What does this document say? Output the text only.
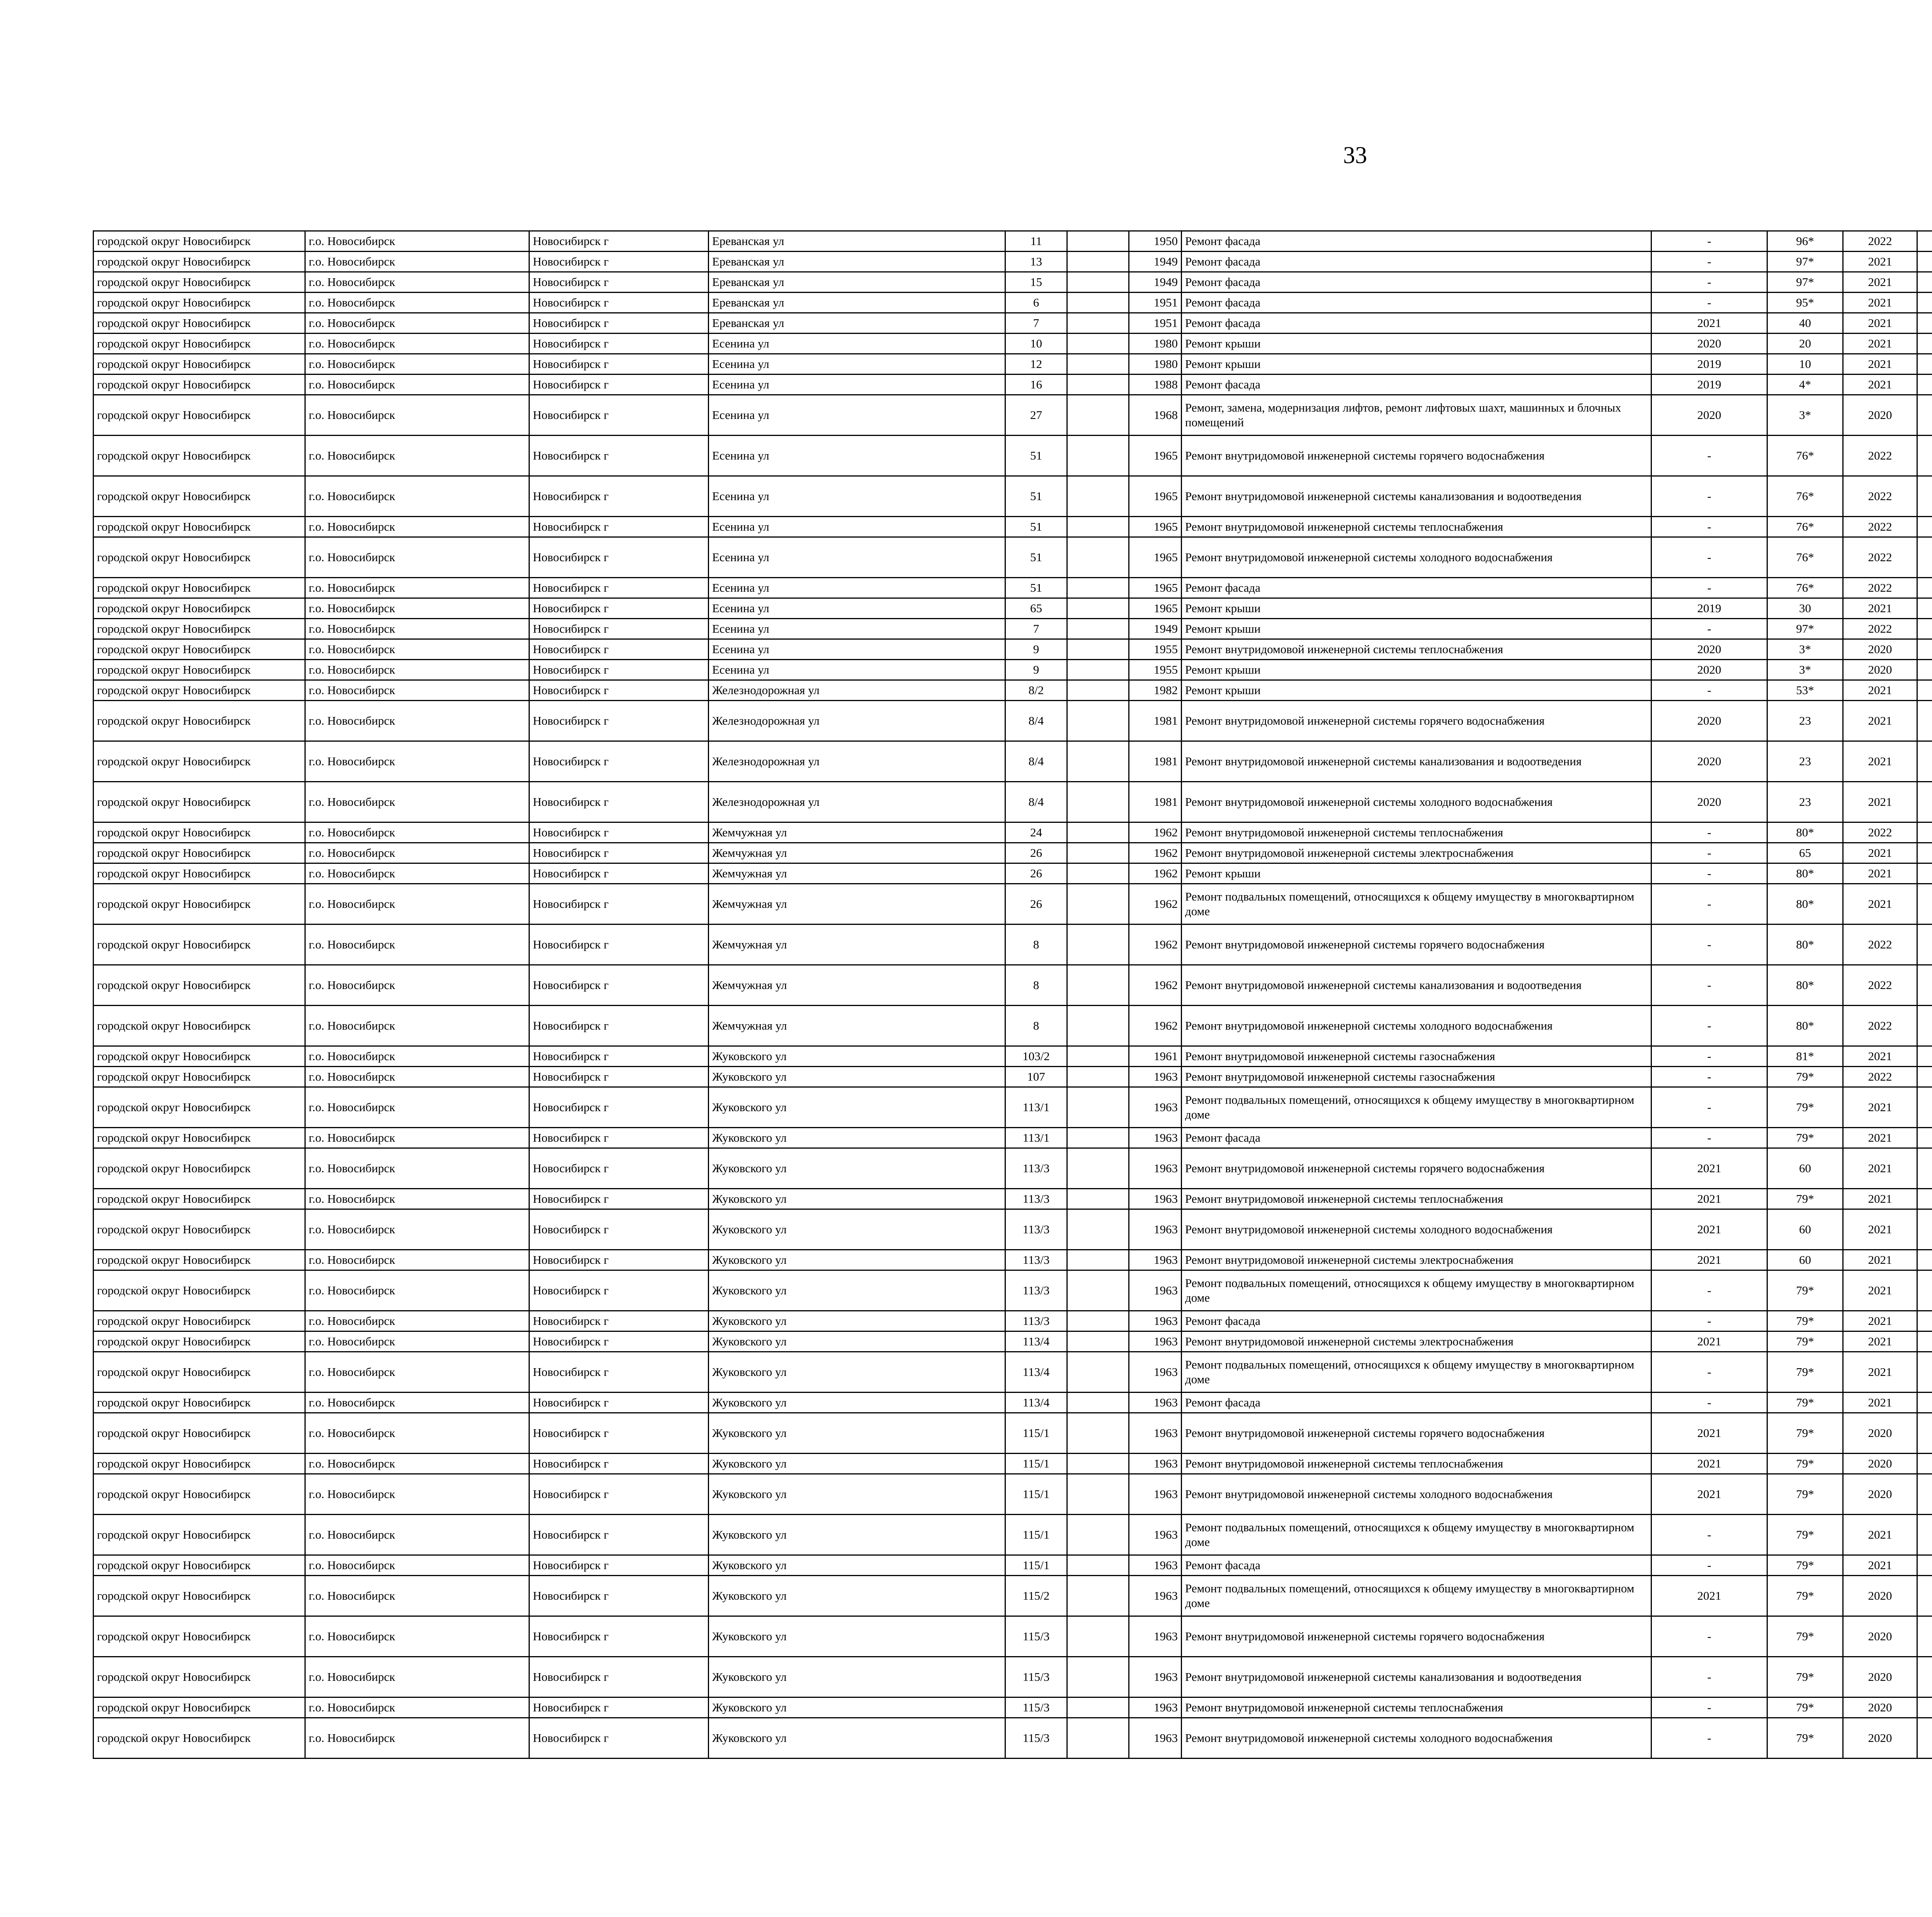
33
городской округ Новосибирск	г.о. Новосибирск	Новосибирск г	Ереванская ул	11		1950	Ремонт фасада	-	96*	2022						
городской округ Новосибирск	г.о. Новосибирск	Новосибирск г	Ереванская ул	13		1949	Ремонт фасада	-	97*	2021						
городской округ Новосибирск	г.о. Новосибирск	Новосибирск г	Ереванская ул	15		1949	Ремонт фасада	-	97*	2021						
городской округ Новосибирск	г.о. Новосибирск	Новосибирск г	Ереванская ул	6		1951	Ремонт фасада	-	95*	2021						
городской округ Новосибирск	г.о. Новосибирск	Новосибирск г	Ереванская ул	7		1951	Ремонт фасада	2021	40	2021						
городской округ Новосибирск	г.о. Новосибирск	Новосибирск г	Есенина ул	10		1980	Ремонт крыши	2020	20	2021						
городской округ Новосибирск	г.о. Новосибирск	Новосибирск г	Есенина ул	12		1980	Ремонт крыши	2019	10	2021						
городской округ Новосибирск	г.о. Новосибирск	Новосибирск г	Есенина ул	16		1988	Ремонт фасада	2019	4*	2021						
городской округ Новосибирск	г.о. Новосибирск	Новосибирск г	Есенина ул	27		1968	Ремонт, замена, модернизация лифтов, ремонт лифтовых шахт, машинных и блочных помещений	2020	3*	2020						
городской округ Новосибирск	г.о. Новосибирск	Новосибирск г	Есенина ул	51		1965	Ремонт внутридомовой инженерной системы горячего водоснабжения	-	76*	2022						
городской округ Новосибирск	г.о. Новосибирск	Новосибирск г	Есенина ул	51		1965	Ремонт внутридомовой инженерной системы канализования и водоотведения	-	76*	2022						
городской округ Новосибирск	г.о. Новосибирск	Новосибирск г	Есенина ул	51		1965	Ремонт внутридомовой инженерной системы теплоснабжения	-	76*	2022						
городской округ Новосибирск	г.о. Новосибирск	Новосибирск г	Есенина ул	51		1965	Ремонт внутридомовой инженерной системы холодного водоснабжения	-	76*	2022						
городской округ Новосибирск	г.о. Новосибирск	Новосибирск г	Есенина ул	51		1965	Ремонт фасада	-	76*	2022						
городской округ Новосибирск	г.о. Новосибирск	Новосибирск г	Есенина ул	65		1965	Ремонт крыши	2019	30	2021						
городской округ Новосибирск	г.о. Новосибирск	Новосибирск г	Есенина ул	7		1949	Ремонт крыши	-	97*	2022						
городской округ Новосибирск	г.о. Новосибирск	Новосибирск г	Есенина ул	9		1955	Ремонт внутридомовой инженерной системы теплоснабжения	2020	3*	2020						
городской округ Новосибирск	г.о. Новосибирск	Новосибирск г	Есенина ул	9		1955	Ремонт крыши	2020	3*	2020						
городской округ Новосибирск	г.о. Новосибирск	Новосибирск г	Железнодорожная ул	8/2		1982	Ремонт крыши	-	53*	2021						
городской округ Новосибирск	г.о. Новосибирск	Новосибирск г	Железнодорожная ул	8/4		1981	Ремонт внутридомовой инженерной системы горячего водоснабжения	2020	23	2021						
городской округ Новосибирск	г.о. Новосибирск	Новосибирск г	Железнодорожная ул	8/4		1981	Ремонт внутридомовой инженерной системы канализования и водоотведения	2020	23	2021						
городской округ Новосибирск	г.о. Новосибирск	Новосибирск г	Железнодорожная ул	8/4		1981	Ремонт внутридомовой инженерной системы холодного водоснабжения	2020	23	2021						
городской округ Новосибирск	г.о. Новосибирск	Новосибирск г	Жемчужная ул	24		1962	Ремонт внутридомовой инженерной системы теплоснабжения	-	80*	2022						
городской округ Новосибирск	г.о. Новосибирск	Новосибирск г	Жемчужная ул	26		1962	Ремонт внутридомовой инженерной системы электроснабжения	-	65	2021						
городской округ Новосибирск	г.о. Новосибирск	Новосибирск г	Жемчужная ул	26		1962	Ремонт крыши	-	80*	2021						
городской округ Новосибирск	г.о. Новосибирск	Новосибирск г	Жемчужная ул	26		1962	Ремонт подвальных помещений, относящихся к общему имуществу в многоквартирном доме	-	80*	2021						
городской округ Новосибирск	г.о. Новосибирск	Новосибирск г	Жемчужная ул	8		1962	Ремонт внутридомовой инженерной системы горячего водоснабжения	-	80*	2022						
городской округ Новосибирск	г.о. Новосибирск	Новосибирск г	Жемчужная ул	8		1962	Ремонт внутридомовой инженерной системы канализования и водоотведения	-	80*	2022						
городской округ Новосибирск	г.о. Новосибирск	Новосибирск г	Жемчужная ул	8		1962	Ремонт внутридомовой инженерной системы холодного водоснабжения	-	80*	2022						
городской округ Новосибирск	г.о. Новосибирск	Новосибирск г	Жуковского ул	103/2		1961	Ремонт внутридомовой инженерной системы газоснабжения	-	81*	2021						
городской округ Новосибирск	г.о. Новосибирск	Новосибирск г	Жуковского ул	107		1963	Ремонт внутридомовой инженерной системы газоснабжения	-	79*	2022						
городской округ Новосибирск	г.о. Новосибирск	Новосибирск г	Жуковского ул	113/1		1963	Ремонт подвальных помещений, относящихся к общему имуществу в многоквартирном доме	-	79*	2021						
городской округ Новосибирск	г.о. Новосибирск	Новосибирск г	Жуковского ул	113/1		1963	Ремонт фасада	-	79*	2021						
городской округ Новосибирск	г.о. Новосибирск	Новосибирск г	Жуковского ул	113/3		1963	Ремонт внутридомовой инженерной системы горячего водоснабжения	2021	60	2021						
городской округ Новосибирск	г.о. Новосибирск	Новосибирск г	Жуковского ул	113/3		1963	Ремонт внутридомовой инженерной системы теплоснабжения	2021	79*	2021						
городской округ Новосибирск	г.о. Новосибирск	Новосибирск г	Жуковского ул	113/3		1963	Ремонт внутридомовой инженерной системы холодного водоснабжения	2021	60	2021						
городской округ Новосибирск	г.о. Новосибирск	Новосибирск г	Жуковского ул	113/3		1963	Ремонт внутридомовой инженерной системы электроснабжения	2021	60	2021						
городской округ Новосибирск	г.о. Новосибирск	Новосибирск г	Жуковского ул	113/3		1963	Ремонт подвальных помещений, относящихся к общему имуществу в многоквартирном доме	-	79*	2021						
городской округ Новосибирск	г.о. Новосибирск	Новосибирск г	Жуковского ул	113/3		1963	Ремонт фасада	-	79*	2021						
городской округ Новосибирск	г.о. Новосибирск	Новосибирск г	Жуковского ул	113/4		1963	Ремонт внутридомовой инженерной системы электроснабжения	2021	79*	2021						
городской округ Новосибирск	г.о. Новосибирск	Новосибирск г	Жуковского ул	113/4		1963	Ремонт подвальных помещений, относящихся к общему имуществу в многоквартирном доме	-	79*	2021						
городской округ Новосибирск	г.о. Новосибирск	Новосибирск г	Жуковского ул	113/4		1963	Ремонт фасада	-	79*	2021						
городской округ Новосибирск	г.о. Новосибирск	Новосибирск г	Жуковского ул	115/1		1963	Ремонт внутридомовой инженерной системы горячего водоснабжения	2021	79*	2020						
городской округ Новосибирск	г.о. Новосибирск	Новосибирск г	Жуковского ул	115/1		1963	Ремонт внутридомовой инженерной системы теплоснабжения	2021	79*	2020						
городской округ Новосибирск	г.о. Новосибирск	Новосибирск г	Жуковского ул	115/1		1963	Ремонт внутридомовой инженерной системы холодного водоснабжения	2021	79*	2020						
городской округ Новосибирск	г.о. Новосибирск	Новосибирск г	Жуковского ул	115/1		1963	Ремонт подвальных помещений, относящихся к общему имуществу в многоквартирном доме	-	79*	2021						
городской округ Новосибирск	г.о. Новосибирск	Новосибирск г	Жуковского ул	115/1		1963	Ремонт фасада	-	79*	2021						
городской округ Новосибирск	г.о. Новосибирск	Новосибирск г	Жуковского ул	115/2		1963	Ремонт подвальных помещений, относящихся к общему имуществу в многоквартирном доме	2021	79*	2020						
городской округ Новосибирск	г.о. Новосибирск	Новосибирск г	Жуковского ул	115/3		1963	Ремонт внутридомовой инженерной системы горячего водоснабжения	-	79*	2020						
городской округ Новосибирск	г.о. Новосибирск	Новосибирск г	Жуковского ул	115/3		1963	Ремонт внутридомовой инженерной системы канализования и водоотведения	-	79*	2020						
городской округ Новосибирск	г.о. Новосибирск	Новосибирск г	Жуковского ул	115/3		1963	Ремонт внутридомовой инженерной системы теплоснабжения	-	79*	2020						
городской округ Новосибирск	г.о. Новосибирск	Новосибирск г	Жуковского ул	115/3		1963	Ремонт внутридомовой инженерной системы холодного водоснабжения	-	79*	2020						
